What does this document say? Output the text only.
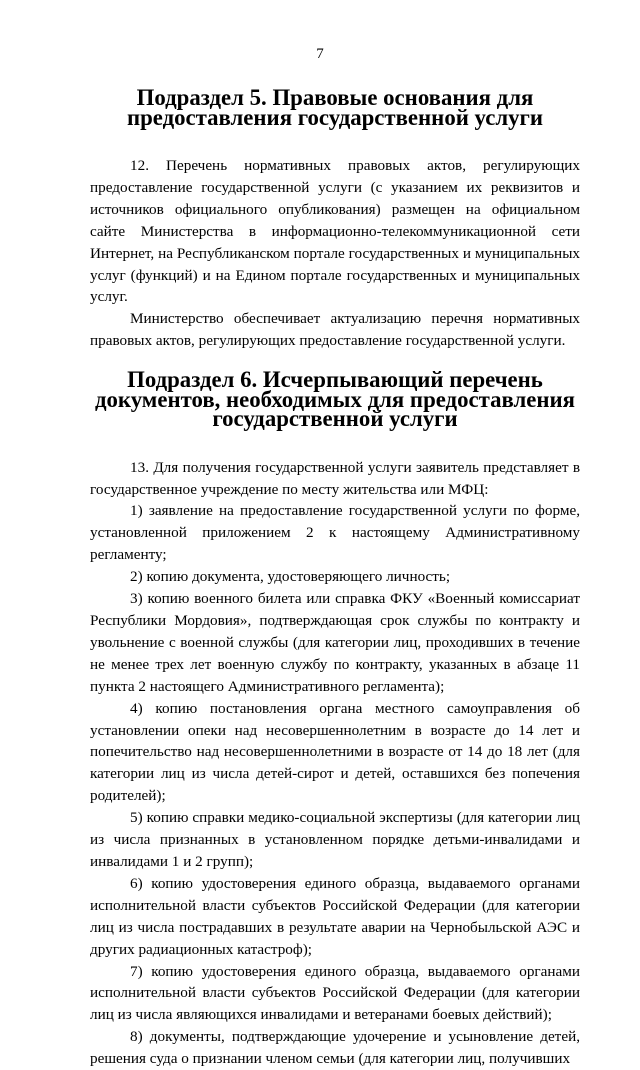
7
Подраздел 5. Правовые основания для предоставления государственной услуги

12. Перечень нормативных правовых актов, регулирующих предоставление государственной услуги (с указанием их реквизитов и источников официального опубликования) размещен на официальном сайте Министерства в информационно-телекоммуникационной сети Интернет, на Республиканском портале государственных и муниципальных услуг (функций) и на Едином портале государственных и муниципальных услуг.

Министерство обеспечивает актуализацию перечня нормативных правовых актов, регулирующих предоставление государственной услуги.

Подраздел 6. Исчерпывающий перечень документов, необходимых для предоставления государственной услуги

13. Для получения государственной услуги заявитель представляет в государственное учреждение по месту жительства или МФЦ:

1) заявление на предоставление государственной услуги по форме, установленной приложением 2 к настоящему Административному регламенту;

2) копию документа, удостоверяющего личность;

3) копию военного билета или справка ФКУ «Военный комиссариат Республики Мордовия», подтверждающая срок службы по контракту и увольнение с военной службы (для категории лиц, проходивших в течение не менее трех лет военную службу по контракту, указанных в абзаце 11 пункта 2 настоящего Административного регламента);

4) копию постановления органа местного самоуправления об установлении опеки над несовершеннолетним в возрасте до 14 лет и попечительство над несовершеннолетними в возрасте от 14 до 18 лет (для категории лиц из числа детей-сирот и детей, оставшихся без попечения родителей);

5) копию справки медико-социальной экспертизы (для категории лиц из числа признанных в установленном порядке детьми-инвалидами и инвалидами 1 и 2 групп);

6) копию удостоверения единого образца, выдаваемого органами исполнительной власти субъектов Российской Федерации (для категории лиц из числа пострадавших в результате аварии на Чернобыльской АЭС и других радиационных катастроф);

7) копию удостоверения единого образца, выдаваемого органами исполнительной власти субъектов Российской Федерации (для категории лиц из числа являющихся инвалидами и ветеранами боевых действий);

8) документы, подтверждающие удочерение и усыновление детей, решения суда о признании членом семьи (для категории лиц, получивших
